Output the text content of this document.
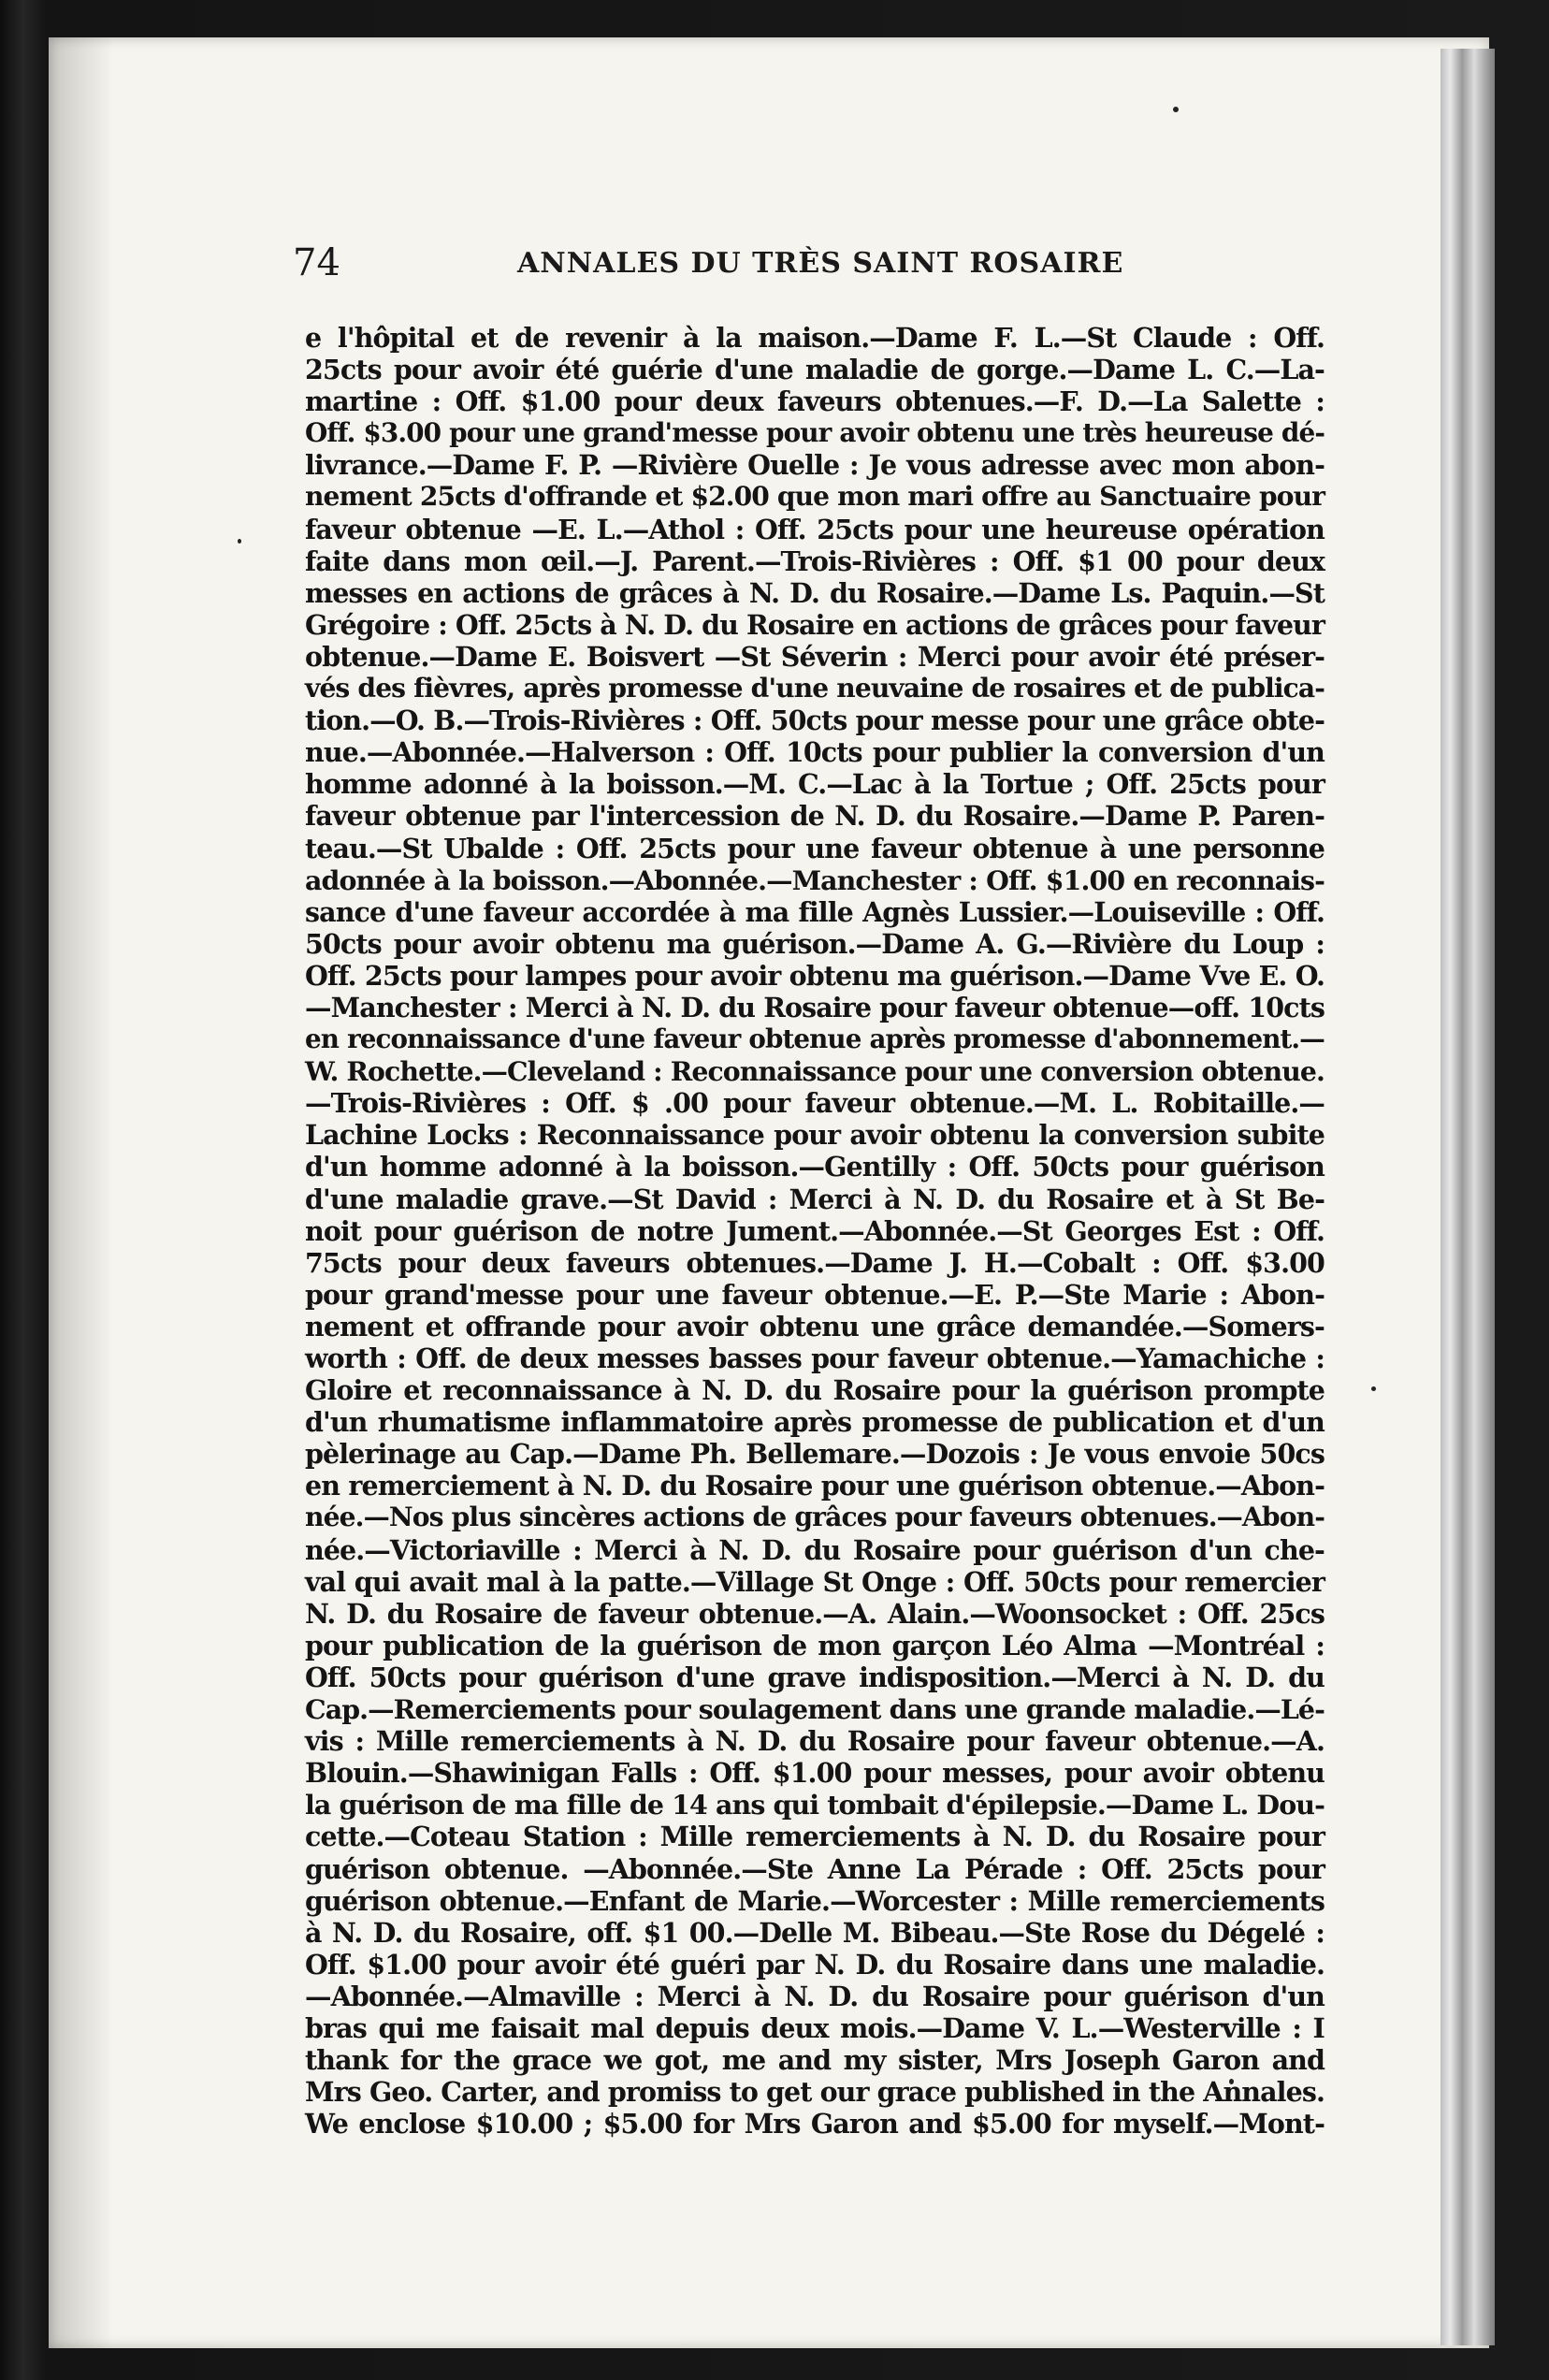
74	ANNALES DU TRÈS SAINT ROSAIRE
e l'hôpital et de revenir à la maison.—Dame F. L.—St Claude : Off.
25cts pour avoir été guérie d'une maladie de gorge.—Dame L. C.—La-
martine : Off. $1.00 pour deux faveurs obtenues.—F. D.—La Salette :
Off. $3.00 pour une grand'messe pour avoir obtenu une très heureuse dé-
livrance.—Dame F. P. —Rivière Ouelle : Je vous adresse avec mon abon-
nement 25cts d'offrande et $2.00 que mon mari offre au Sanctuaire pour
faveur obtenue —E. L.—Athol : Off. 25cts pour une heureuse opération
faite dans mon œil.—J. Parent.—Trois-Rivières : Off. $1 00 pour deux
messes en actions de grâces à N. D. du Rosaire.—Dame Ls. Paquin.—St
Grégoire : Off. 25cts à N. D. du Rosaire en actions de grâces pour faveur
obtenue.—Dame E. Boisvert —St Séverin : Merci pour avoir été préser-
vés des fièvres, après promesse d'une neuvaine de rosaires et de publica-
tion.—O. B.—Trois-Rivières : Off. 50cts pour messe pour une grâce obte-
nue.—Abonnée.—Halverson : Off. 10cts pour publier la conversion d'un
homme adonné à la boisson.—M. C.—Lac à la Tortue ; Off. 25cts pour
faveur obtenue par l'intercession de N. D. du Rosaire.—Dame P. Paren-
teau.—St Ubalde : Off. 25cts pour une faveur obtenue à une personne
adonnée à la boisson.—Abonnée.—Manchester : Off. $1.00 en reconnais-
sance d'une faveur accordée à ma fille Agnès Lussier.—Louiseville : Off.
50cts pour avoir obtenu ma guérison.—Dame A. G.—Rivière du Loup :
Off. 25cts pour lampes pour avoir obtenu ma guérison.—Dame Vve E. O.
—Manchester : Merci à N. D. du Rosaire pour faveur obtenue—off. 10cts
en reconnaissance d'une faveur obtenue après promesse d'abonnement.—
W. Rochette.—Cleveland : Reconnaissance pour une conversion obtenue.
—Trois-Rivières : Off. $ .00 pour faveur obtenue.—M. L. Robitaille.—
Lachine Locks : Reconnaissance pour avoir obtenu la conversion subite
d'un homme adonné à la boisson.—Gentilly : Off. 50cts pour guérison
d'une maladie grave.—St David : Merci à N. D. du Rosaire et à St Be-
noit pour guérison de notre Jument.—Abonnée.—St Georges Est : Off.
75cts pour deux faveurs obtenues.—Dame J. H.—Cobalt : Off. $3.00
pour grand'messe pour une faveur obtenue.—E. P.—Ste Marie : Abon-
nement et offrande pour avoir obtenu une grâce demandée.—Somers-
worth : Off. de deux messes basses pour faveur obtenue.—Yamachiche :
Gloire et reconnaissance à N. D. du Rosaire pour la guérison prompte
d'un rhumatisme inflammatoire après promesse de publication et d'un
pèlerinage au Cap.—Dame Ph. Bellemare.—Dozois : Je vous envoie 50cs
en remerciement à N. D. du Rosaire pour une guérison obtenue.—Abon-
née.—Nos plus sincères actions de grâces pour faveurs obtenues.—Abon-
née.—Victoriaville : Merci à N. D. du Rosaire pour guérison d'un che-
val qui avait mal à la patte.—Village St Onge : Off. 50cts pour remercier
N. D. du Rosaire de faveur obtenue.—A. Alain.—Woonsocket : Off. 25cs
pour publication de la guérison de mon garçon Léo Alma —Montréal :
Off. 50cts pour guérison d'une grave indisposition.—Merci à N. D. du
Cap.—Remerciements pour soulagement dans une grande maladie.—Lé-
vis : Mille remerciements à N. D. du Rosaire pour faveur obtenue.—A.
Blouin.—Shawinigan Falls : Off. $1.00 pour messes, pour avoir obtenu
la guérison de ma fille de 14 ans qui tombait d'épilepsie.—Dame L. Dou-
cette.—Coteau Station : Mille remerciements à N. D. du Rosaire pour
guérison obtenue. —Abonnée.—Ste Anne La Pérade : Off. 25cts pour
guérison obtenue.—Enfant de Marie.—Worcester : Mille remerciements
à N. D. du Rosaire, off. $1 00.—Delle M. Bibeau.—Ste Rose du Dégelé :
Off. $1.00 pour avoir été guéri par N. D. du Rosaire dans une maladie.
—Abonnée.—Almaville : Merci à N. D. du Rosaire pour guérison d'un
bras qui me faisait mal depuis deux mois.—Dame V. L.—Westerville : I
thank for the grace we got, me and my sister, Mrs Joseph Garon and
Mrs Geo. Carter, and promiss to get our grace published in the Annales.
We enclose $10.00 ; $5.00 for Mrs Garon and $5.00 for myself.—Mont-
